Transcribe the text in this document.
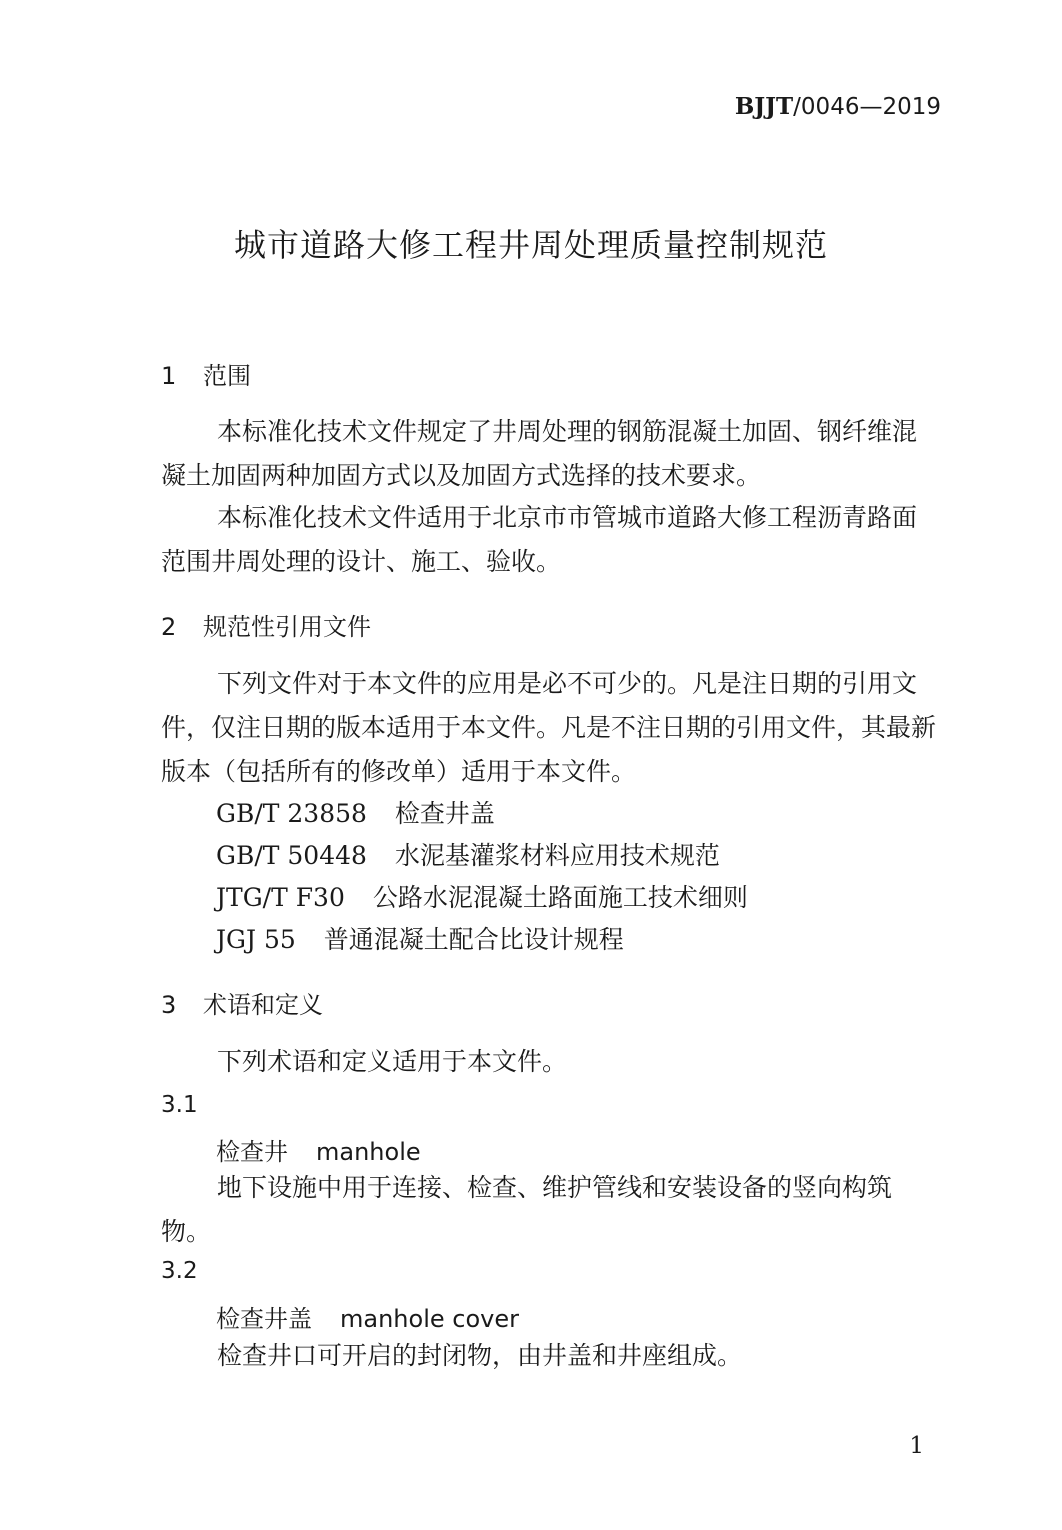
BJJT/0046—2019
城市道路大修工程井周处理质量控制规范
1 范围
本标准化技术文件规定了井周处理的钢筋混凝土加固、钢纤维混凝土加固两种加固方式以及加固方式选择的技术要求。
本标准化技术文件适用于北京市市管城市道路大修工程沥青路面范围井周处理的设计、施工、验收。
2 规范性引用文件
下列文件对于本文件的应用是必不可少的。凡是注日期的引用文件，仅注日期的版本适用于本文件。凡是不注日期的引用文件，其最新版本（包括所有的修改单）适用于本文件。
GB/T 23858 检查井盖
GB/T 50448 水泥基灌浆材料应用技术规范
JTG/T F30 公路水泥混凝土路面施工技术细则
JGJ 55 普通混凝土配合比设计规程
3 术语和定义
下列术语和定义适用于本文件。
3.1
检查井 manhole
地下设施中用于连接、检查、维护管线和安装设备的竖向构筑物。
3.2
检查井盖 manhole cover
检查井口可开启的封闭物，由井盖和井座组成。
1
